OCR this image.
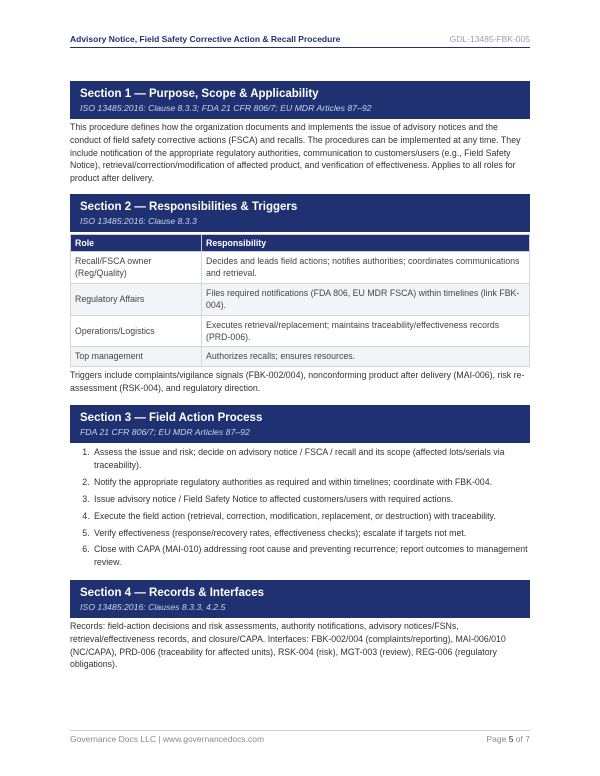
Advisory Notice, Field Safety Corrective Action & Recall Procedure	GDL-13485-FBK-005
Section 1 — Purpose, Scope & Applicability
ISO 13485:2016: Clause 8.3.3; FDA 21 CFR 806/7; EU MDR Articles 87–92

This procedure defines how the organization documents and implements the issue of advisory notices and the conduct of field safety corrective actions (FSCA) and recalls. The procedures can be implemented at any time. They include notification of the appropriate regulatory authorities, communication to customers/users (e.g., Field Safety Notice), retrieval/correction/modification of affected product, and verification of effectiveness. Applies to all roles for product after delivery.

Section 2 — Responsibilities & Triggers
ISO 13485:2016: Clause 8.3.3
Role	Responsibility
Recall/FSCA owner (Reg/Quality)	Decides and leads field actions; notifies authorities; coordinates communications and retrieval.
Regulatory Affairs	Files required notifications (FDA 806, EU MDR FSCA) within timelines (link FBK-004).
Operations/Logistics	Executes retrieval/replacement; maintains traceability/effectiveness records (PRD-006).
Top management	Authorizes recalls; ensures resources.

Triggers include complaints/vigilance signals (FBK-002/004), nonconforming product after delivery (MAI-006), risk re-assessment (RSK-004), and regulatory direction.

Section 3 — Field Action Process
FDA 21 CFR 806/7; EU MDR Articles 87–92
1. Assess the issue and risk; decide on advisory notice / FSCA / recall and its scope (affected lots/serials via traceability).
2. Notify the appropriate regulatory authorities as required and within timelines; coordinate with FBK-004.
3. Issue advisory notice / Field Safety Notice to affected customers/users with required actions.
4. Execute the field action (retrieval, correction, modification, replacement, or destruction) with traceability.
5. Verify effectiveness (response/recovery rates, effectiveness checks); escalate if targets not met.
6. Close with CAPA (MAI-010) addressing root cause and preventing recurrence; report outcomes to management review.
Section 4 — Records & Interfaces
ISO 13485:2016: Clauses 8.3.3, 4.2.5

Records: field-action decisions and risk assessments, authority notifications, advisory notices/FSNs, retrieval/effectiveness records, and closure/CAPA. Interfaces: FBK-002/004 (complaints/reporting), MAI-006/010 (NC/CAPA), PRD-006 (traceability for affected units), RSK-004 (risk), MGT-003 (review), REG-006 (regulatory obligations).

Governance Docs LLC | www.governancedocs.com	Page 5 of 7
